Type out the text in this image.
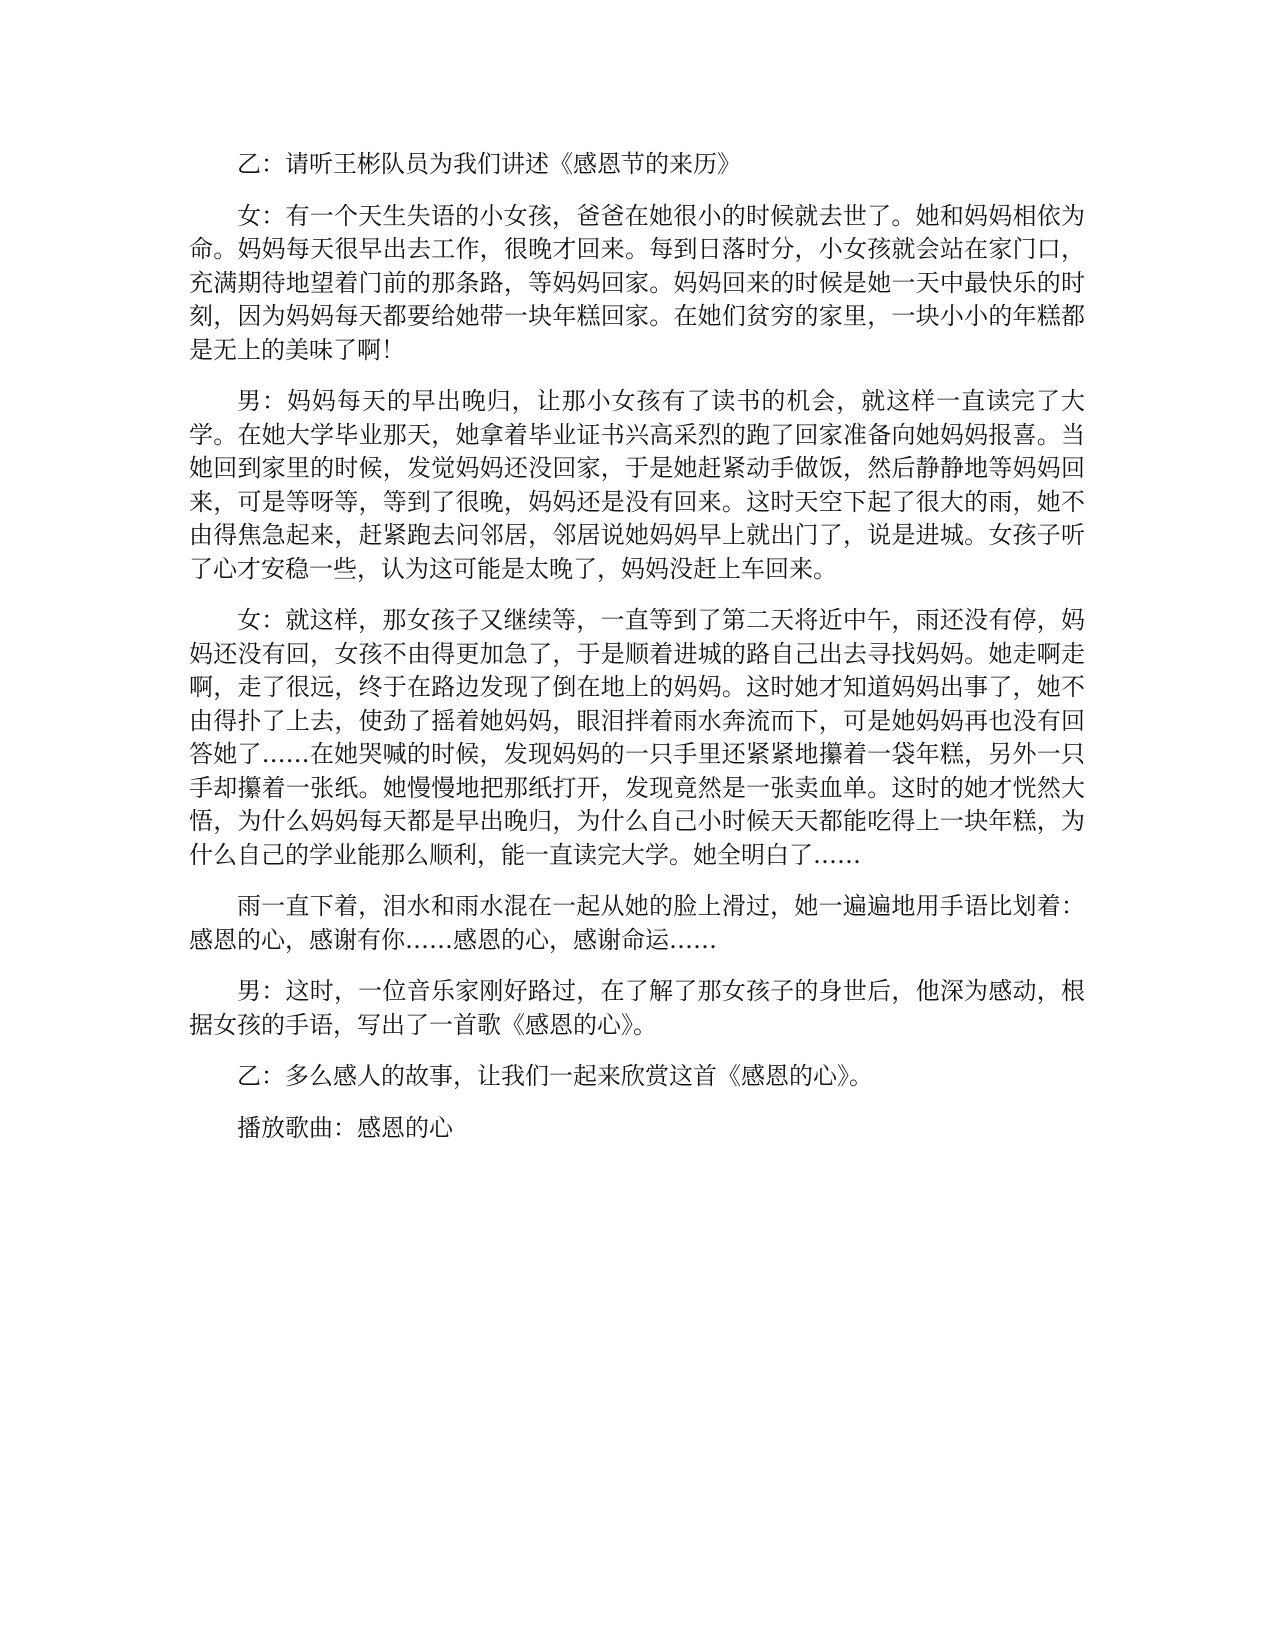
乙：请听王彬队员为我们讲述《感恩节的来历》

女：有一个天生失语的小女孩，爸爸在她很小的时候就去世了。她和妈妈相依为命。妈妈每天很早出去工作，很晚才回来。每到日落时分，小女孩就会站在家门口，充满期待地望着门前的那条路，等妈妈回家。妈妈回来的时候是她一天中最快乐的时刻，因为妈妈每天都要给她带一块年糕回家。在她们贫穷的家里，一块小小的年糕都是无上的美味了啊！

男：妈妈每天的早出晚归，让那小女孩有了读书的机会，就这样一直读完了大学。在她大学毕业那天，她拿着毕业证书兴高采烈的跑了回家准备向她妈妈报喜。当她回到家里的时候，发觉妈妈还没回家，于是她赶紧动手做饭，然后静静地等妈妈回来，可是等呀等，等到了很晚，妈妈还是没有回来。这时天空下起了很大的雨，她不由得焦急起来，赶紧跑去问邻居，邻居说她妈妈早上就出门了，说是进城。女孩子听了心才安稳一些，认为这可能是太晚了，妈妈没赶上车回来。

女：就这样，那女孩子又继续等，一直等到了第二天将近中午，雨还没有停，妈妈还没有回，女孩不由得更加急了，于是顺着进城的路自己出去寻找妈妈。她走啊走啊，走了很远，终于在路边发现了倒在地上的妈妈。这时她才知道妈妈出事了，她不由得扑了上去，使劲了摇着她妈妈，眼泪拌着雨水奔流而下，可是她妈妈再也没有回答她了……在她哭喊的时候，发现妈妈的一只手里还紧紧地攥着一袋年糕，另外一只手却攥着一张纸。她慢慢地把那纸打开，发现竟然是一张卖血单。这时的她才恍然大悟，为什么妈妈每天都是早出晚归，为什么自己小时候天天都能吃得上一块年糕，为什么自己的学业能那么顺利，能一直读完大学。她全明白了……

雨一直下着，泪水和雨水混在一起从她的脸上滑过，她一遍遍地用手语比划着：感恩的心，感谢有你……感恩的心，感谢命运……

男：这时，一位音乐家刚好路过，在了解了那女孩子的身世后，他深为感动，根据女孩的手语，写出了一首歌《感恩的心》。

乙：多么感人的故事，让我们一起来欣赏这首《感恩的心》。

播放歌曲：感恩的心
